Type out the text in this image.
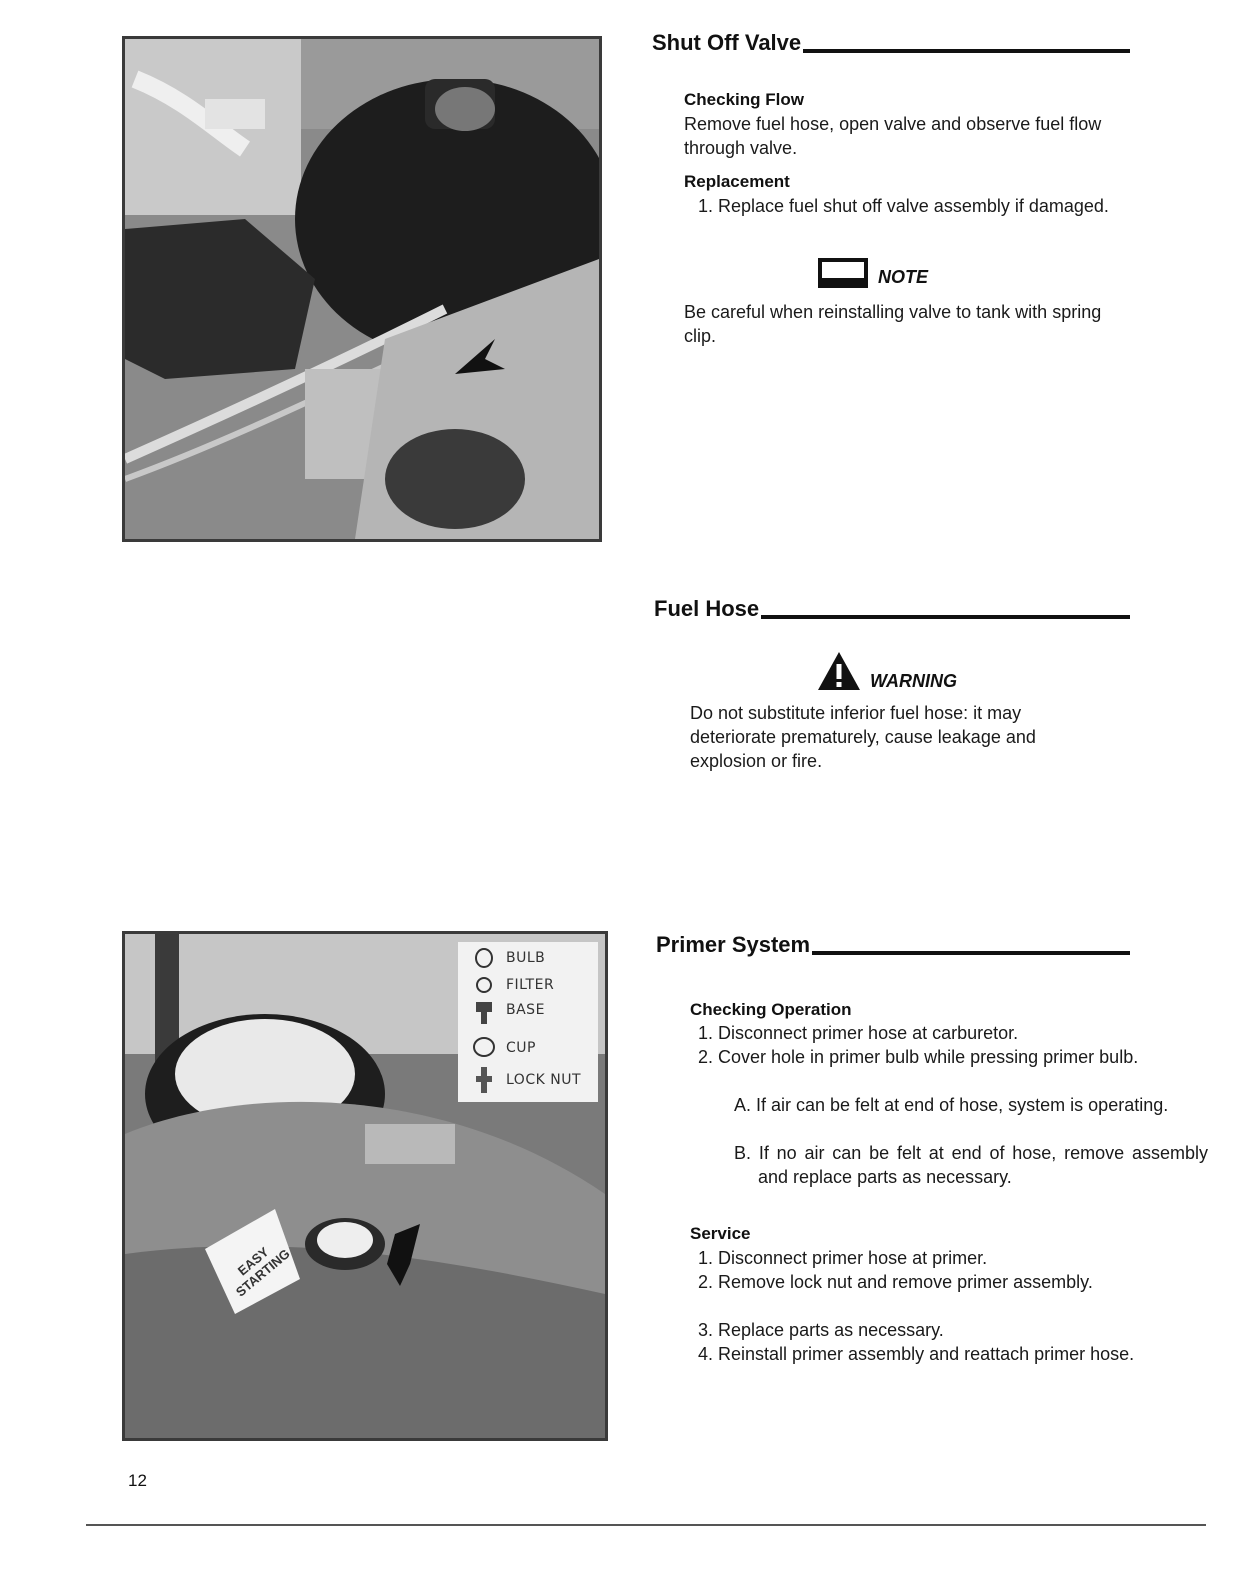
EASY STARTING
BULB
FILTER
BASE
CUP
LOCK NUT
Shut Off Valve
Checking Flow
Remove fuel hose, open valve and observe fuel flow through valve.
Replacement
1. Replace fuel shut off valve assembly if damaged.
NOTE
Be careful when reinstalling valve to tank with spring clip.
Fuel Hose
WARNING
Do not substitute inferior fuel hose: it may deteriorate prematurely, cause leakage and explosion or fire.
Primer System
Checking Operation
1. Disconnect primer hose at carburetor.
2. Cover hole in primer bulb while pressing primer bulb.
A. If air can be felt at end of hose, system is operating.
B. If no air can be felt at end of hose, remove assembly and replace parts as necessary.
Service
1. Disconnect primer hose at primer.
2. Remove lock nut and remove primer assembly.
3. Replace parts as necessary.
4. Reinstall primer assembly and reattach primer hose.
12
